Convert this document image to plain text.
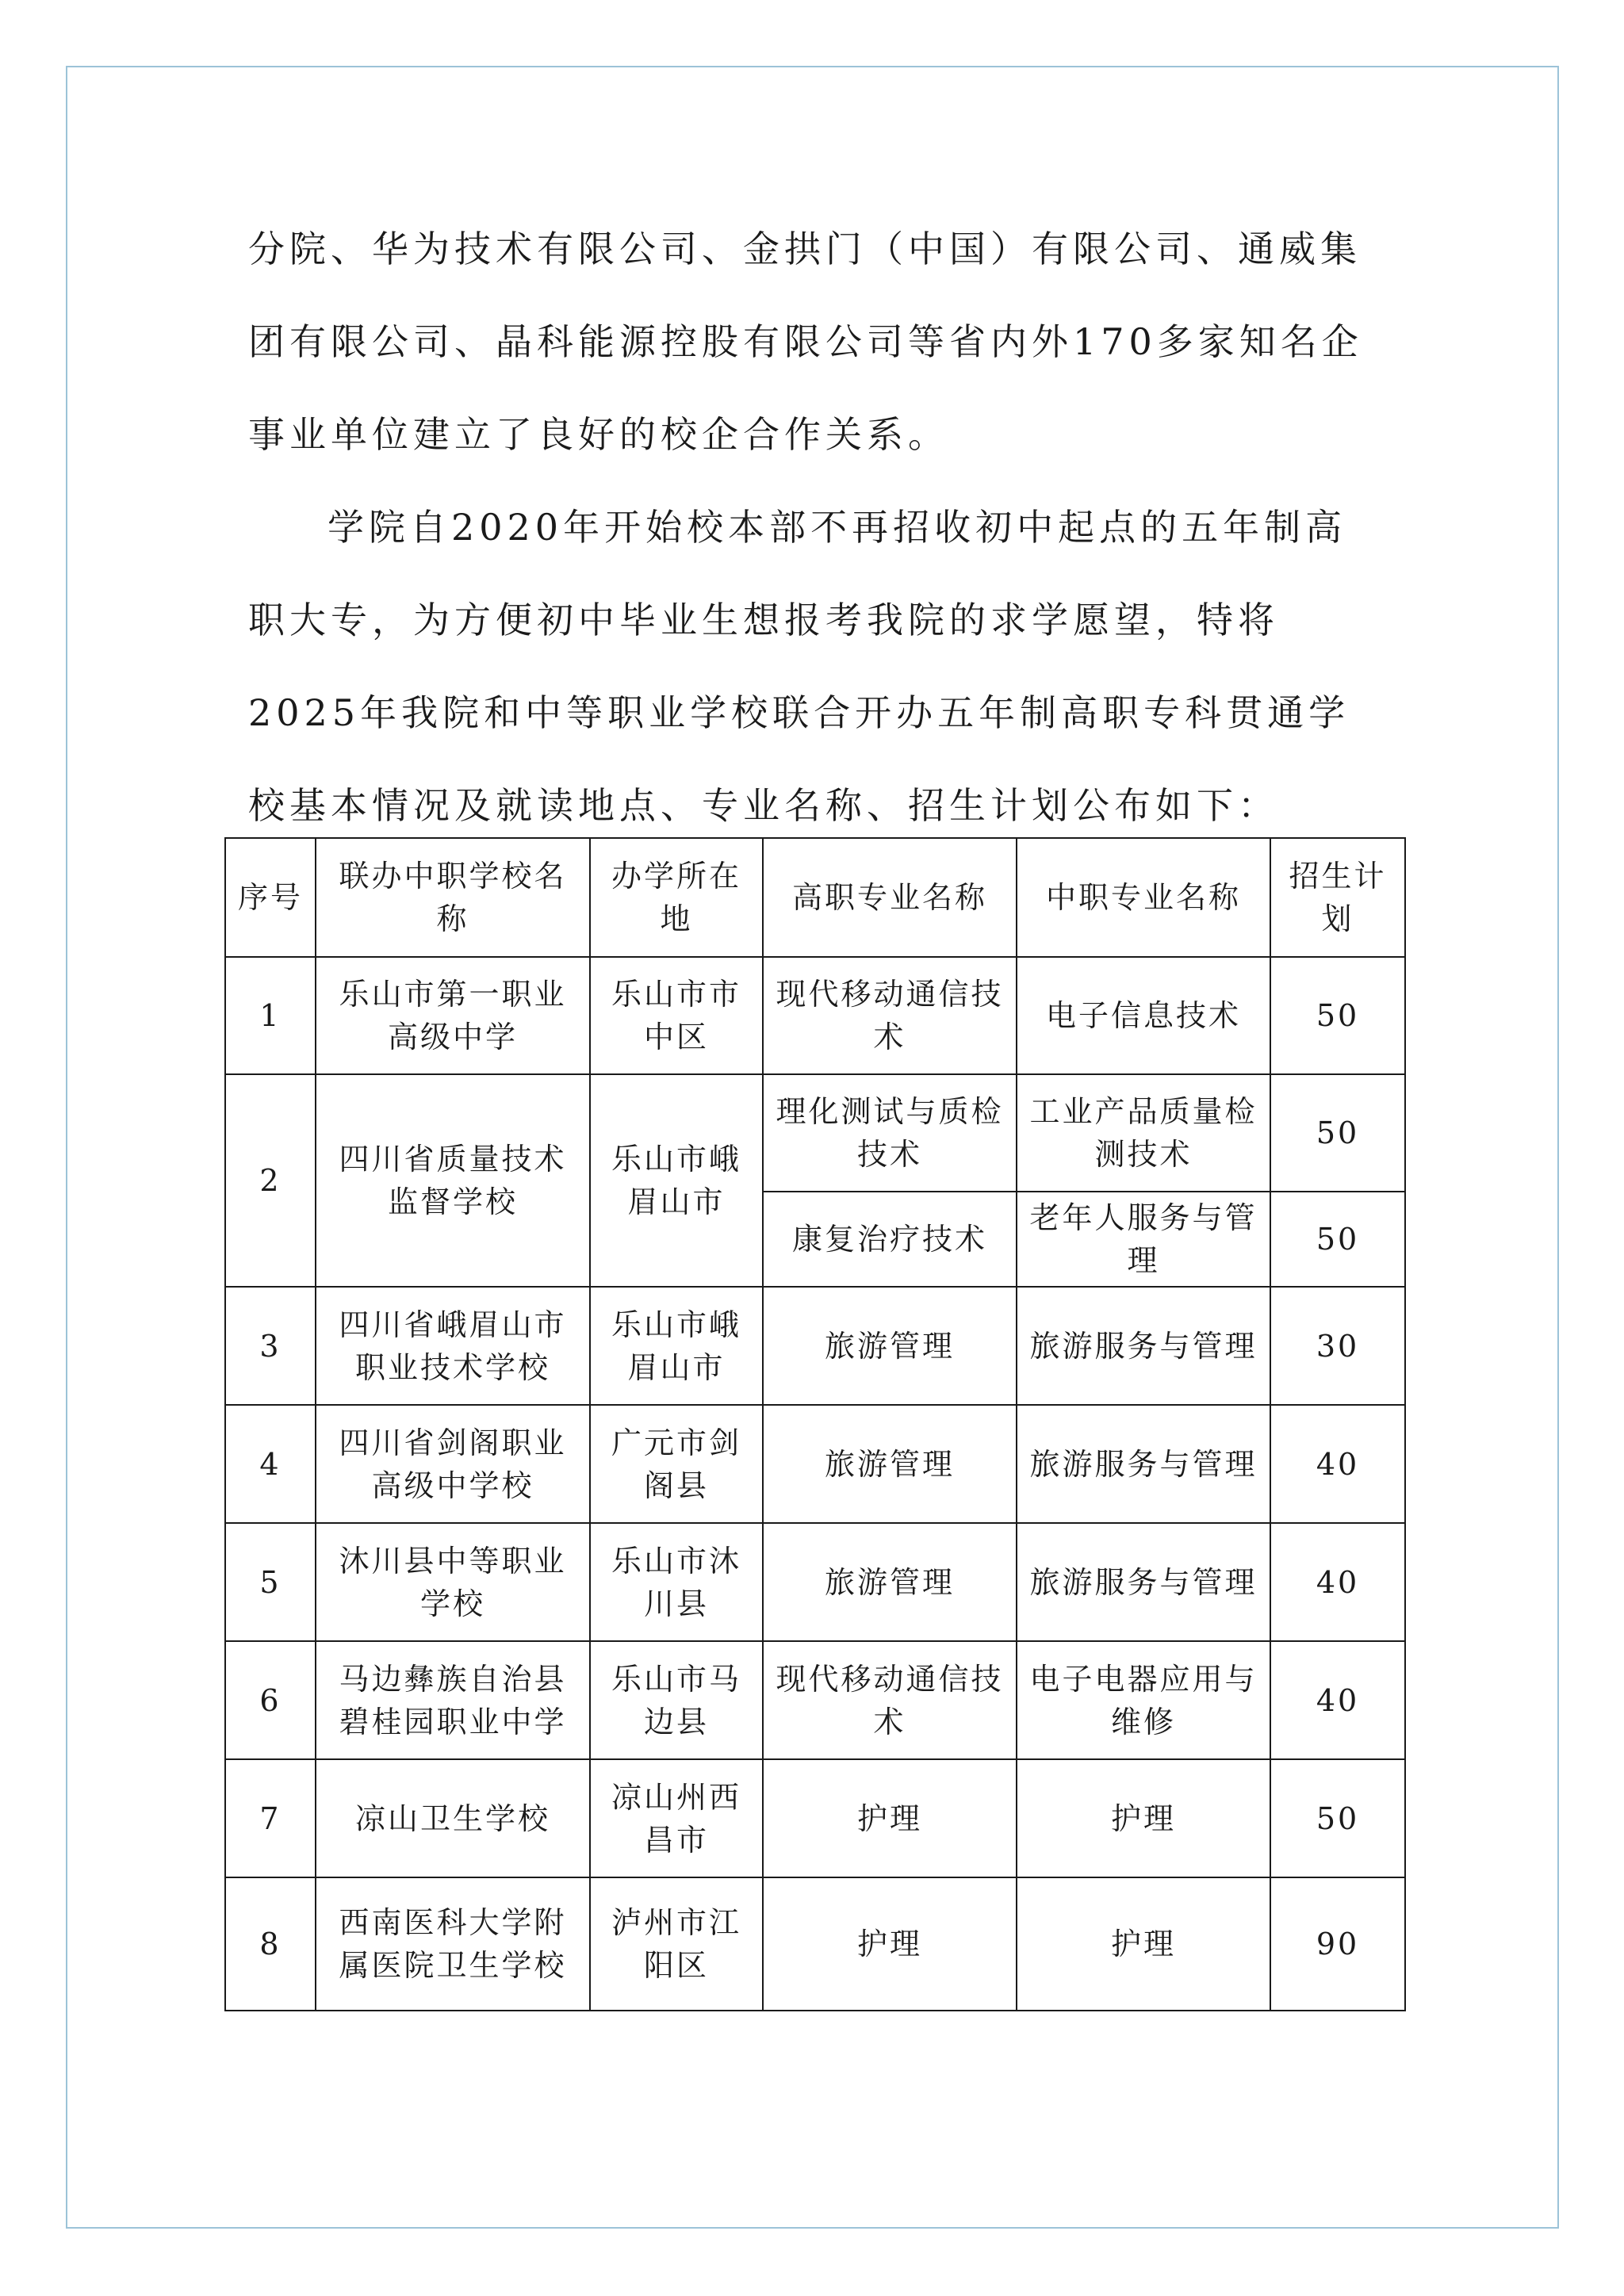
分院、华为技术有限公司、金拱门（中国）有限公司、通威集团有限公司、晶科能源控股有限公司等省内外170多家知名企事业单位建立了良好的校企合作关系。

学院自2020年开始校本部不再招收初中起点的五年制高职大专，为方便初中毕业生想报考我院的求学愿望，特将2025年我院和中等职业学校联合开办五年制高职专科贯通学校基本情况及就读地点、专业名称、招生计划公布如下：

序号	联办中职学校名称	办学所在地	高职专业名称	中职专业名称	招生计划
1	乐山市第一职业高级中学	乐山市市中区	现代移动通信技术	电子信息技术	50
2	四川省质量技术监督学校	乐山市峨眉山市	理化测试与质检技术	工业产品质量检测技术	50
			康复治疗技术	老年人服务与管理	50
3	四川省峨眉山市职业技术学校	乐山市峨眉山市	旅游管理	旅游服务与管理	30
4	四川省剑阁职业高级中学校	广元市剑阁县	旅游管理	旅游服务与管理	40
5	沐川县中等职业学校	乐山市沐川县	旅游管理	旅游服务与管理	40
6	马边彝族自治县碧桂园职业中学	乐山市马边县	现代移动通信技术	电子电器应用与维修	40
7	凉山卫生学校	凉山州西昌市	护理	护理	50
8	西南医科大学附属医院卫生学校	泸州市江阳区	护理	护理	90
